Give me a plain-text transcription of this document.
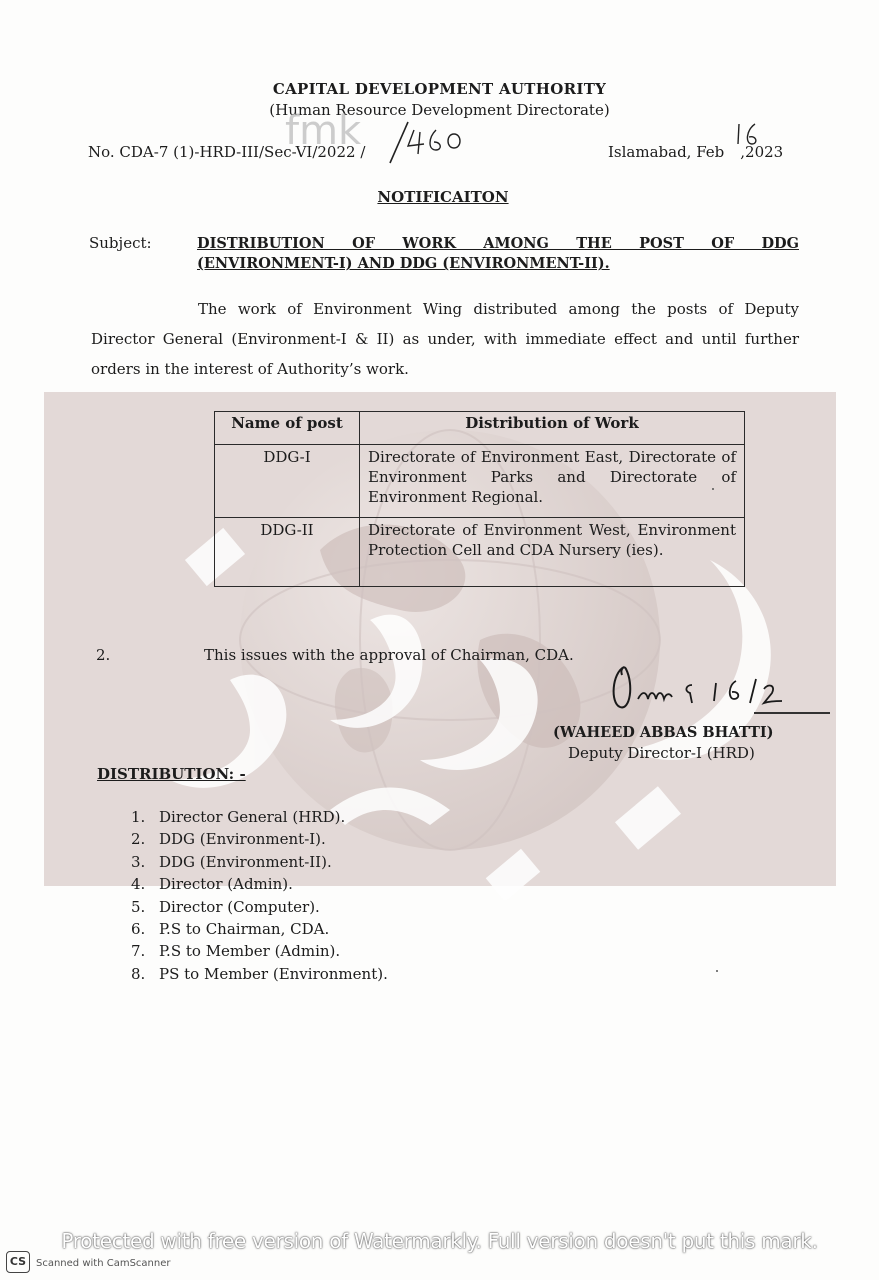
CAPITAL DEVELOPMENT AUTHORITY
(Human Resource Development Directorate)
fmk
No. CDA-7 (1)-HRD-III/Sec-VI/2022 /	Islamabad, Feb ,2023
NOTIFICAITON
Subject:	DISTRIBUTION OF WORK AMONG THE POST OF DDG
(ENVIRONMENT-I) AND DDG (ENVIRONMENT-II).
The work of Environment Wing distributed among the posts of Deputy Director General (Environment-I & II) as under, with immediate effect and until further orders in the interest of Authority’s work.
Name of post	Distribution of Work
DDG-I	Directorate of Environment East, Directorate of Environment Parks and Directorate of Environment Regional.
DDG-II	Directorate of Environment West, Environment Protection Cell and CDA Nursery (ies).
2.	This issues with the approval of Chairman, CDA.
(WAHEED ABBAS BHATTI)
Deputy Director-I (HRD)
DISTRIBUTION: -
1. Director General (HRD).
2. DDG (Environment-I).
3. DDG (Environment-II).
4. Director (Admin).
5. Director (Computer).
6. P.S to Chairman, CDA.
7. P.S to Member (Admin).
8. PS to Member (Environment).
Protected with free version of Watermarkly. Full version doesn't put this mark.
CS Scanned with CamScanner
